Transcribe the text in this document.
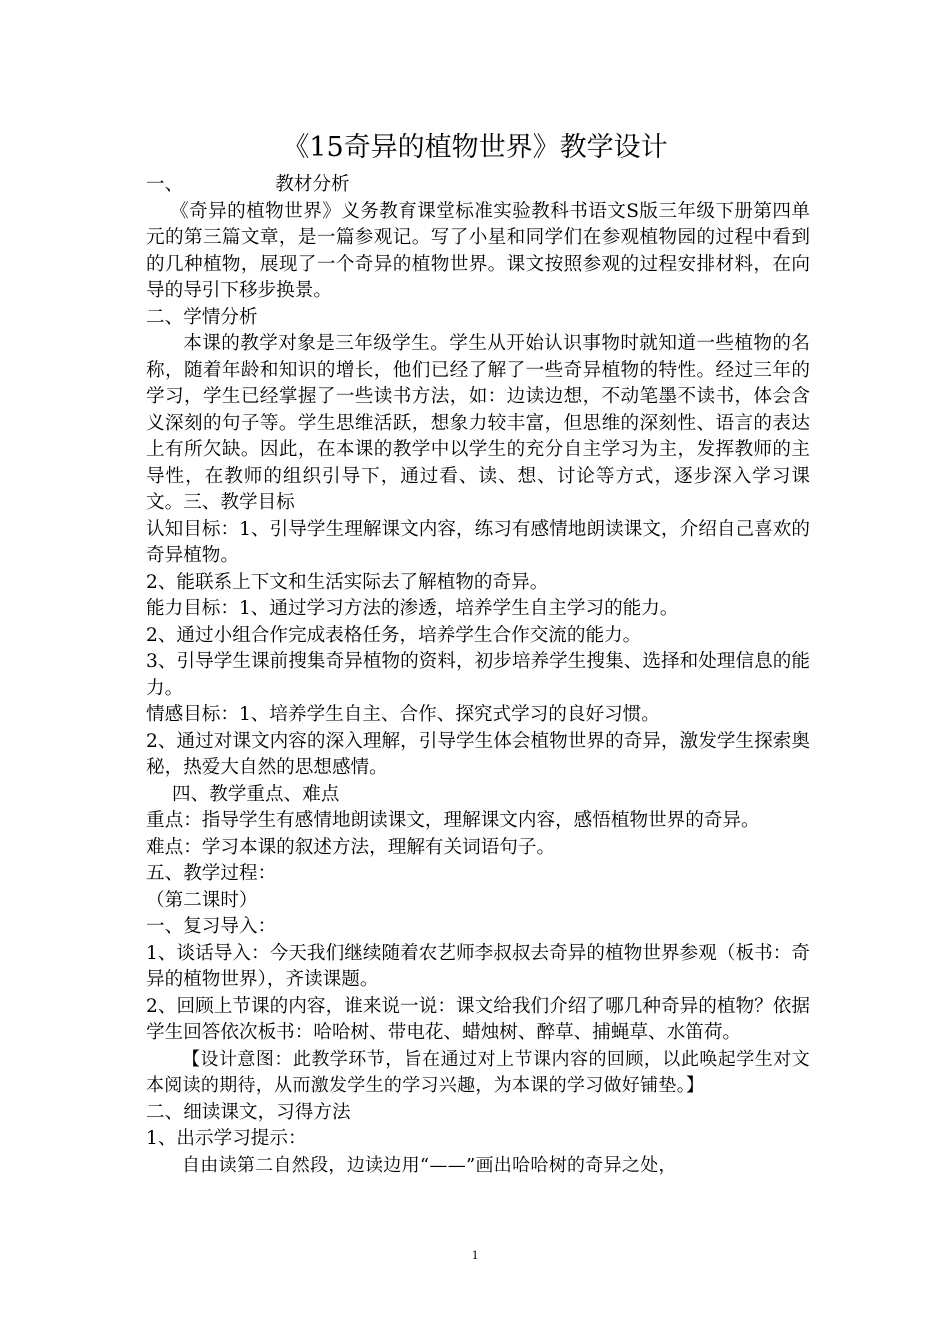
《15奇异的植物世界》教学设计

一、	教材分析

《奇异的植物世界》义务教育课堂标准实验教科书语文S版三年级下册第四单元的第三篇文章，是一篇参观记。写了小星和同学们在参观植物园的过程中看到的几种植物，展现了一个奇异的植物世界。课文按照参观的过程安排材料，在向导的导引下移步换景。

二、学情分析

本课的教学对象是三年级学生。学生从开始认识事物时就知道一些植物的名称，随着年龄和知识的增长，他们已经了解了一些奇异植物的特性。经过三年的学习，学生已经掌握了一些读书方法，如：边读边想，不动笔墨不读书，体会含义深刻的句子等。学生思维活跃，想象力较丰富，但思维的深刻性、语言的表达上有所欠缺。因此，在本课的教学中以学生的充分自主学习为主，发挥教师的主导性，在教师的组织引导下，通过看、读、想、讨论等方式，逐步深入学习课文。三、教学目标

认知目标：1、引导学生理解课文内容，练习有感情地朗读课文，介绍自己喜欢的奇异植物。

2、能联系上下文和生活实际去了解植物的奇异。

能力目标：1、通过学习方法的渗透，培养学生自主学习的能力。

2、通过小组合作完成表格任务，培养学生合作交流的能力。

3、引导学生课前搜集奇异植物的资料，初步培养学生搜集、选择和处理信息的能力。

情感目标：1、培养学生自主、合作、探究式学习的良好习惯。

2、通过对课文内容的深入理解，引导学生体会植物世界的奇异，激发学生探索奥秘，热爱大自然的思想感情。

四、教学重点、难点

重点：指导学生有感情地朗读课文，理解课文内容，感悟植物世界的奇异。

难点：学习本课的叙述方法，理解有关词语句子。

五、教学过程：

（第二课时）

一、复习导入：

1、谈话导入：今天我们继续随着农艺师李叔叔去奇异的植物世界参观（板书：奇异的植物世界），齐读课题。

2、回顾上节课的内容，谁来说一说：课文给我们介绍了哪几种奇异的植物？依据学生回答依次板书：哈哈树、带电花、蜡烛树、醉草、捕蝇草、水笛荷。

【设计意图：此教学环节，旨在通过对上节课内容的回顾，以此唤起学生对文本阅读的期待，从而激发学生的学习兴趣，为本课的学习做好铺垫。】

二、细读课文，习得方法

1、出示学习提示：

自由读第二自然段，边读边用“——”画出哈哈树的奇异之处，

1
